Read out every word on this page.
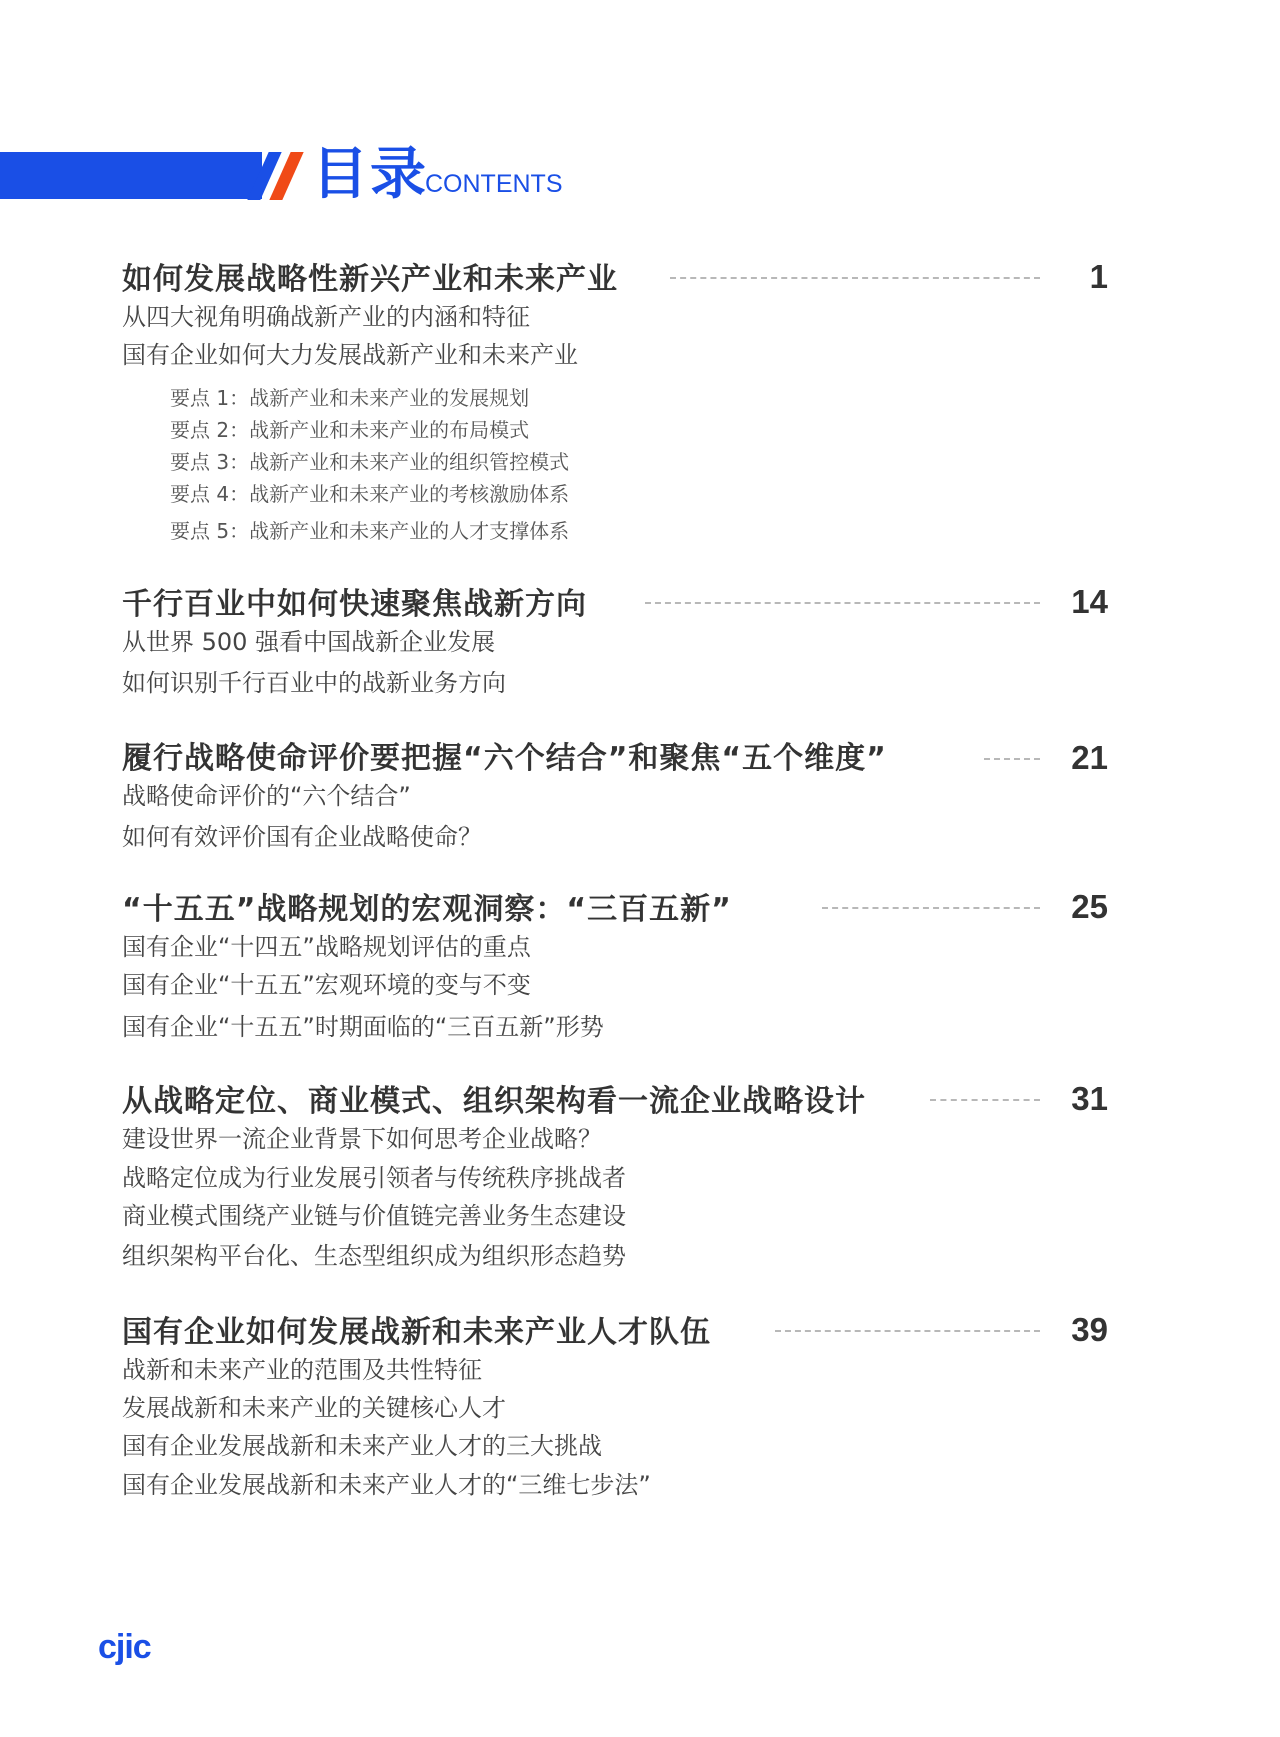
目录
CONTENTS
如何发展战略性新兴产业和未来产业	1
从四大视角明确战新产业的内涵和特征
国有企业如何大力发展战新产业和未来产业
要点 1：战新产业和未来产业的发展规划
要点 2：战新产业和未来产业的布局模式
要点 3：战新产业和未来产业的组织管控模式
要点 4：战新产业和未来产业的考核激励体系
要点 5：战新产业和未来产业的人才支撑体系
千行百业中如何快速聚焦战新方向	14
从世界 500 强看中国战新企业发展
如何识别千行百业中的战新业务方向
履行战略使命评价要把握“六个结合”和聚焦“五个维度”	21
战略使命评价的“六个结合”
如何有效评价国有企业战略使命？
“十五五”战略规划的宏观洞察：“三百五新”	25
国有企业“十四五”战略规划评估的重点
国有企业“十五五”宏观环境的变与不变
国有企业“十五五”时期面临的“三百五新”形势
从战略定位、商业模式、组织架构看一流企业战略设计	31
建设世界一流企业背景下如何思考企业战略？
战略定位成为行业发展引领者与传统秩序挑战者
商业模式围绕产业链与价值链完善业务生态建设
组织架构平台化、生态型组织成为组织形态趋势
国有企业如何发展战新和未来产业人才队伍	39
战新和未来产业的范围及共性特征
发展战新和未来产业的关键核心人才
国有企业发展战新和未来产业人才的三大挑战
国有企业发展战新和未来产业人才的“三维七步法”
cjic
